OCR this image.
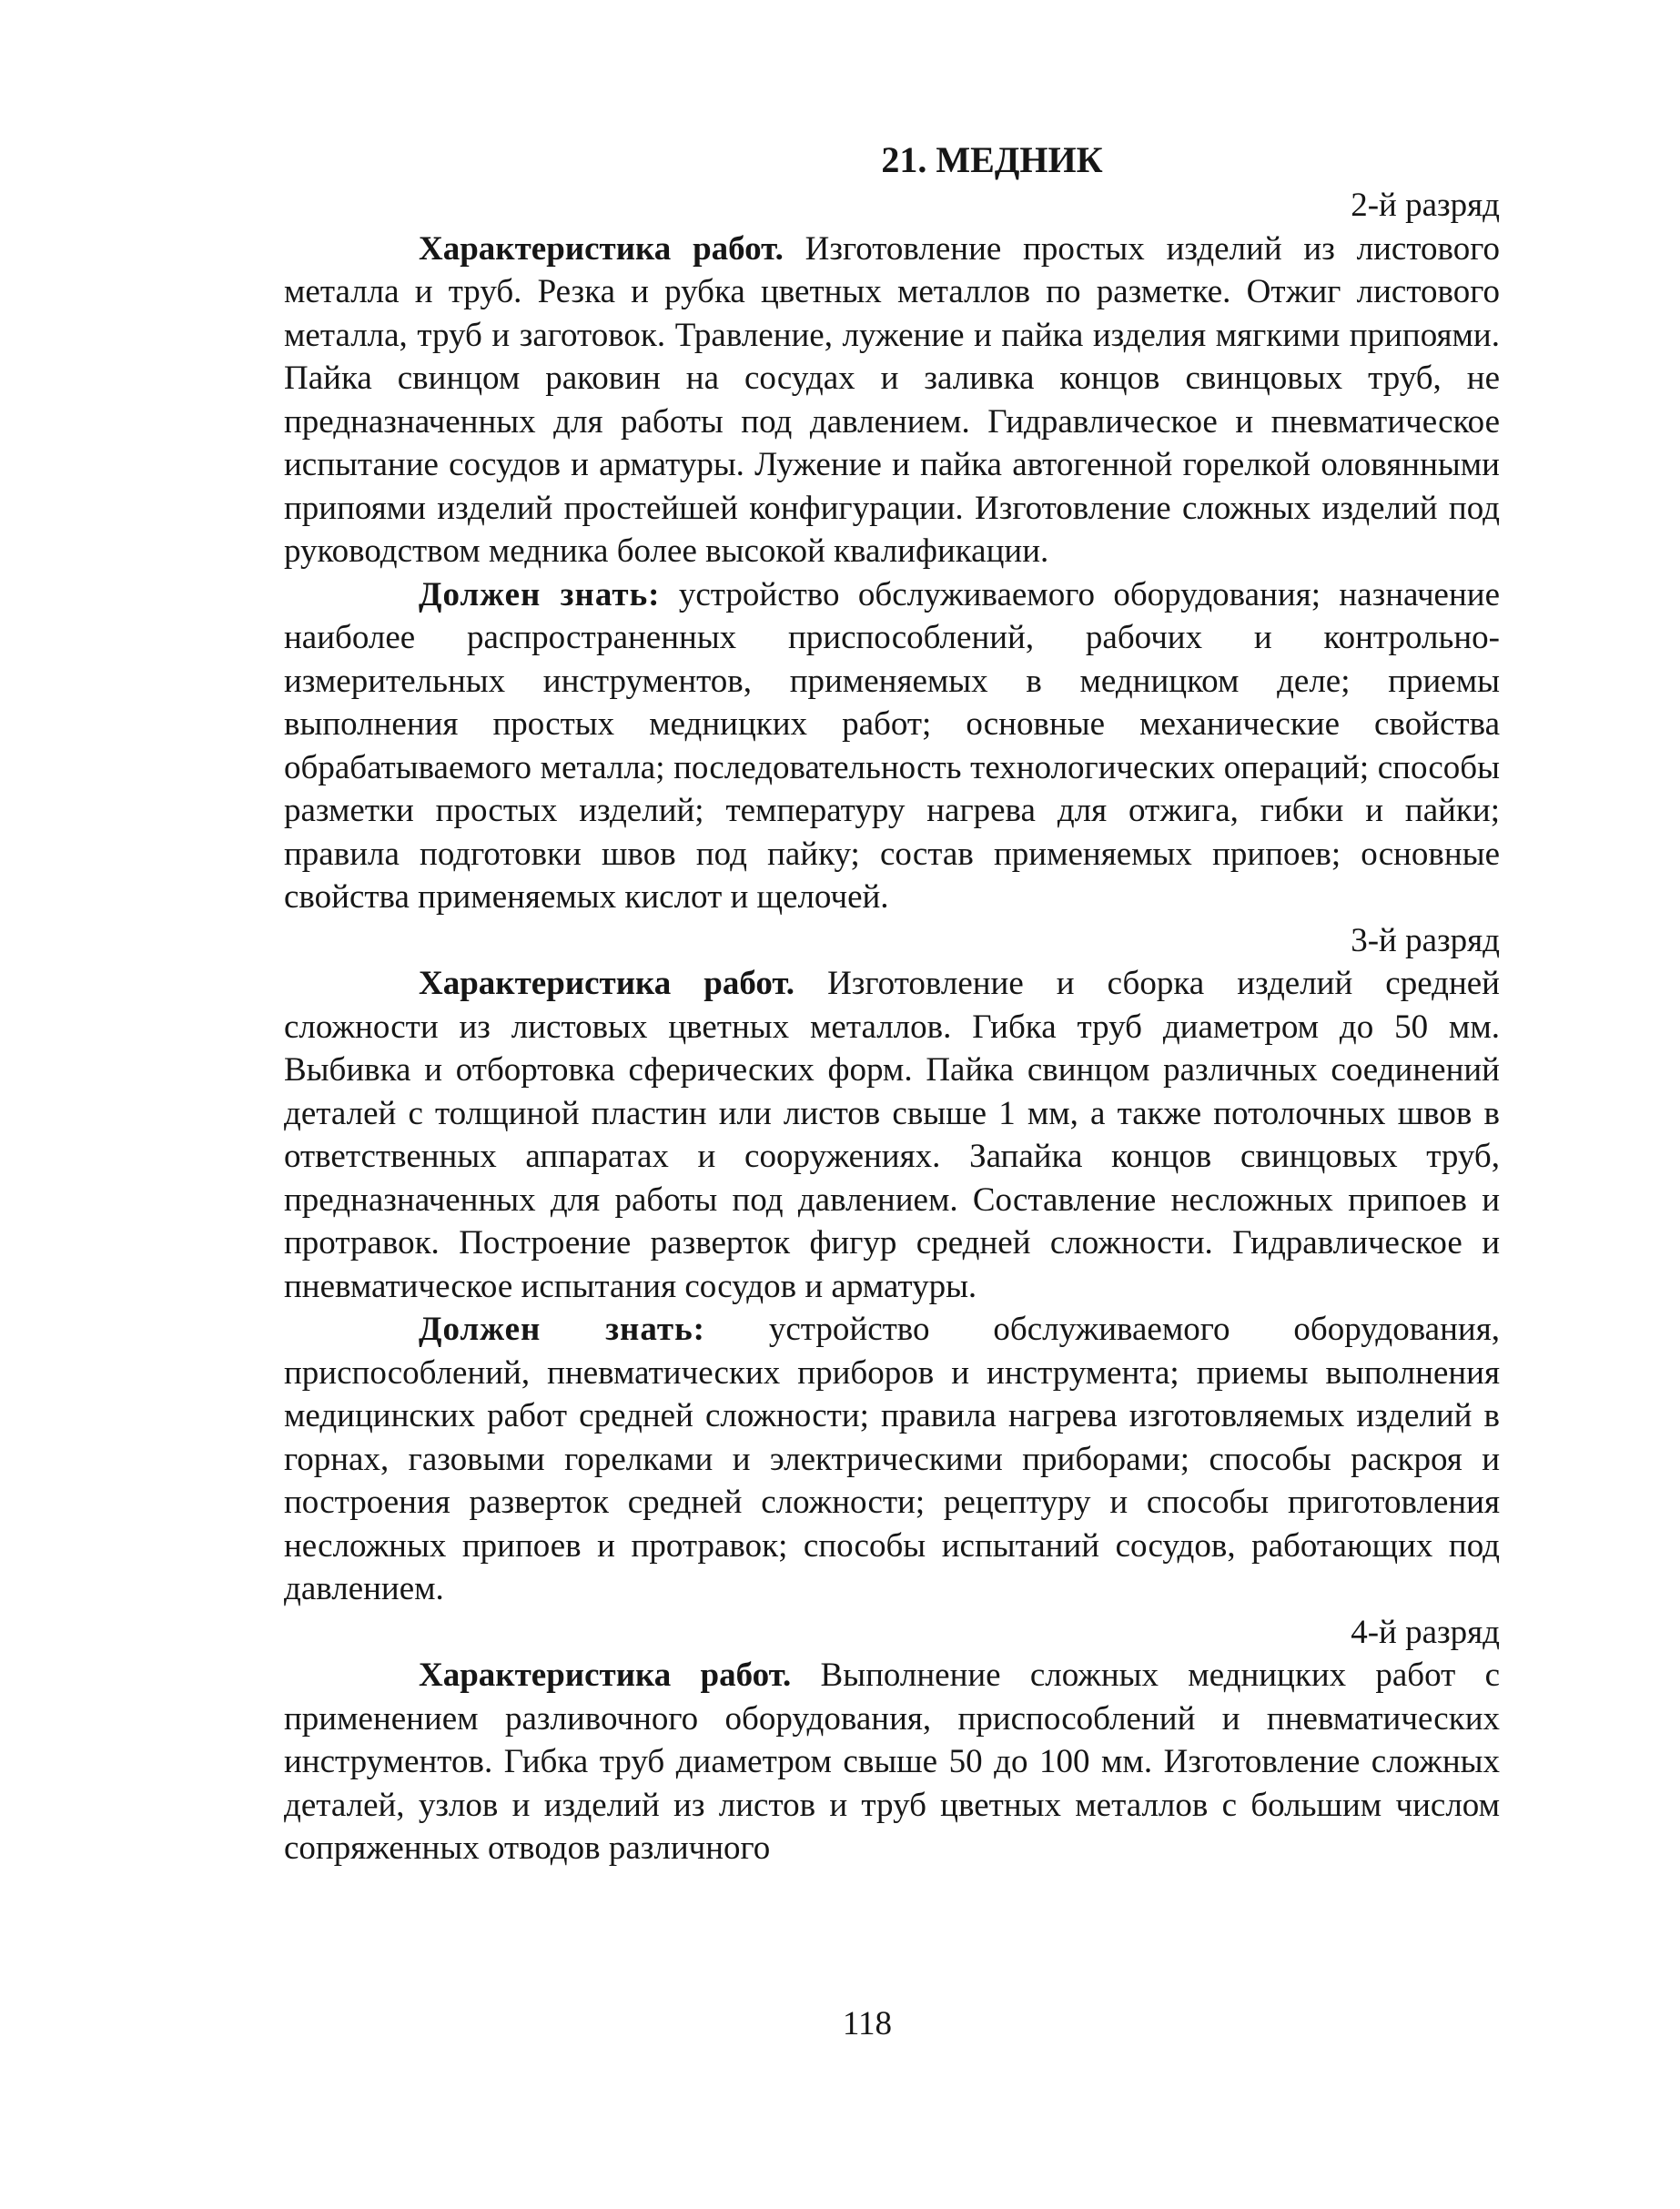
21. МЕДНИК

2-й разряд

Характеристика работ. Изготовление простых изделий из листового металла и труб. Резка и рубка цветных металлов по разметке. Отжиг листового металла, труб и заготовок. Травление, лужение и пайка изделия мягкими припоями. Пайка свинцом раковин на сосудах и заливка концов свинцовых труб, не предназначенных для работы под давлением. Гидравлическое и пневматическое испытание сосудов и арматуры. Лужение и пайка автогенной горелкой оловянными припоями изделий простейшей конфигурации. Изготовление сложных изделий под руководством медника более высокой квалификации.

Должен знать: устройство обслуживаемого оборудования; назначение наиболее распространенных приспособлений, рабочих и контрольно-измерительных инструментов, применяемых в медницком деле; приемы выполнения простых медницких работ; основные механические свойства обрабатываемого металла; последовательность технологических операций; способы разметки простых изделий; температуру нагрева для отжига, гибки и пайки; правила подготовки швов под пайку; состав применяемых припоев; основные свойства применяемых кислот и щелочей.

3-й разряд

Характеристика работ. Изготовление и сборка изделий средней сложности из листовых цветных металлов. Гибка труб диаметром до 50 мм. Выбивка и отбортовка сферических форм. Пайка свинцом различных соединений деталей с толщиной пластин или листов свыше 1 мм, а также потолочных швов в ответственных аппаратах и сооружениях. Запайка концов свинцовых труб, предназначенных для работы под давлением. Составление несложных припоев и протравок. Построение разверток фигур средней сложности. Гидравлическое и пневматическое испытания сосудов и арматуры.

Должен знать: устройство обслуживаемого оборудования, приспособлений, пневматических приборов и инструмента; приемы выполнения медицинских работ средней сложности; правила нагрева изготовляемых изделий в горнах, газовыми горелками и электрическими приборами; способы раскроя и построения разверток средней сложности; рецептуру и способы приготовления несложных припоев и протравок; способы испытаний сосудов, работающих под давлением.

4-й разряд

Характеристика работ. Выполнение сложных медницких работ с применением разливочного оборудования, приспособлений и пневматических инструментов. Гибка труб диаметром свыше 50 до 100 мм. Изготовление сложных деталей, узлов и изделий из листов и труб цветных металлов с большим числом сопряженных отводов различного

118
